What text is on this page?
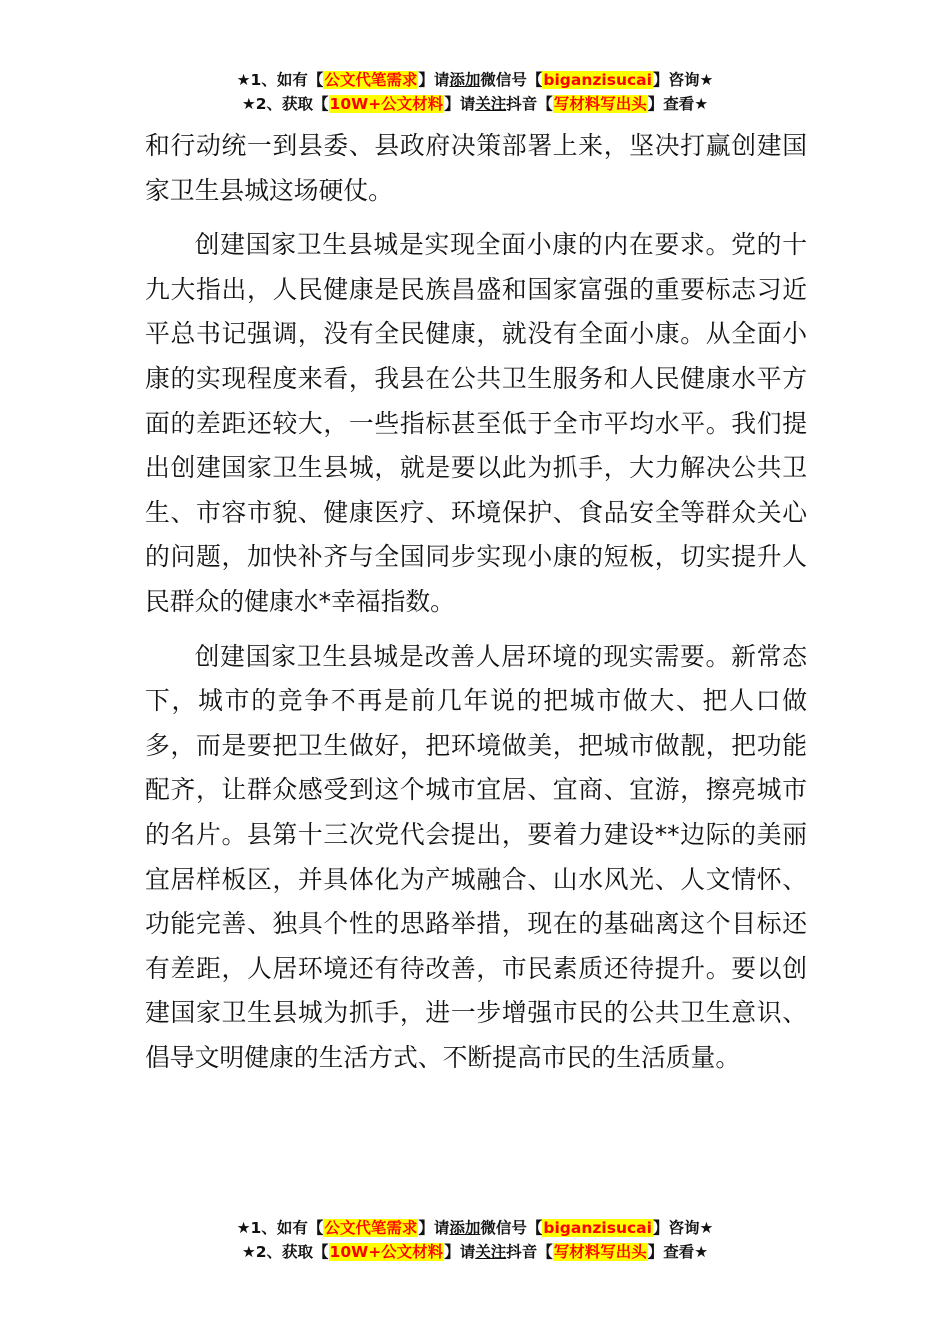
★1、如有【公文代笔需求】请添加微信号【biganzisucai】咨询★
★2、获取【10W+公文材料】请关注抖音【写材料写出头】查看★

和行动统一到县委、县政府决策部署上来，坚决打赢创建国家卫生县城这场硬仗。

创建国家卫生县城是实现全面小康的内在要求。党的十九大指出，人民健康是民族昌盛和国家富强的重要标志习近平总书记强调，没有全民健康，就没有全面小康。从全面小康的实现程度来看，我县在公共卫生服务和人民健康水平方面的差距还较大，一些指标甚至低于全市平均水平。我们提出创建国家卫生县城，就是要以此为抓手，大力解决公共卫生、市容市貌、健康医疗、环境保护、食品安全等群众关心的问题，加快补齐与全国同步实现小康的短板，切实提升人民群众的健康水*幸福指数。

创建国家卫生县城是改善人居环境的现实需要。新常态下，城市的竞争不再是前几年说的把城市做大、把人口做多，而是要把卫生做好，把环境做美，把城市做靓，把功能配齐，让群众感受到这个城市宜居、宜商、宜游，擦亮城市的名片。县第十三次党代会提出，要着力建设**边际的美丽宜居样板区，并具体化为产城融合、山水风光、人文情怀、功能完善、独具个性的思路举措，现在的基础离这个目标还有差距，人居环境还有待改善，市民素质还待提升。要以创建国家卫生县城为抓手，进一步增强市民的公共卫生意识、倡导文明健康的生活方式、不断提高市民的生活质量。

★1、如有【公文代笔需求】请添加微信号【biganzisucai】咨询★
★2、获取【10W+公文材料】请关注抖音【写材料写出头】查看★
